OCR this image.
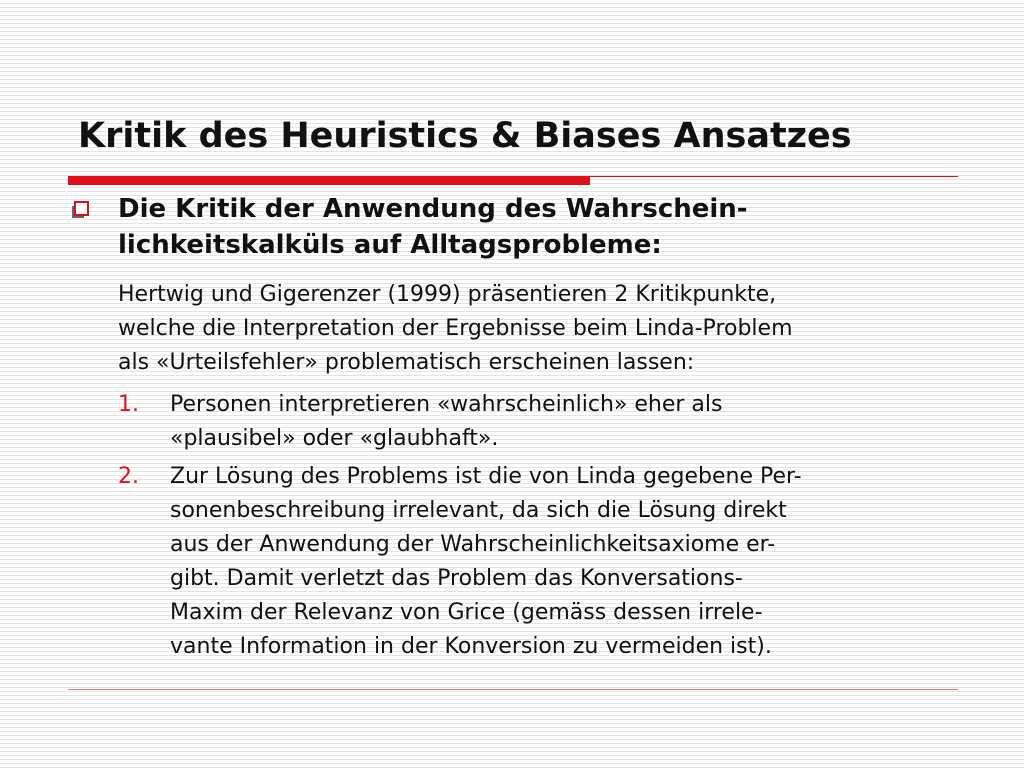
Kritik des Heuristics & Biases Ansatzes
Die Kritik der Anwendung des Wahrschein-
lichkeitskalküls auf Alltagsprobleme:

Hertwig und Gigerenzer (1999) präsentieren 2 Kritikpunkte,
welche die Interpretation der Ergebnisse beim Linda-Problem
als «Urteilsfehler» problematisch erscheinen lassen:

1. Personen interpretieren «wahrscheinlich» eher als
«plausibel» oder «glaubhaft».
2. Zur Lösung des Problems ist die von Linda gegebene Per-
sonenbeschreibung irrelevant, da sich die Lösung direkt
aus der Anwendung der Wahrscheinlichkeitsaxiome er-
gibt. Damit verletzt das Problem das Konversations-
Maxim der Relevanz von Grice (gemäss dessen irrele-
vante Information in der Konversion zu vermeiden ist).
